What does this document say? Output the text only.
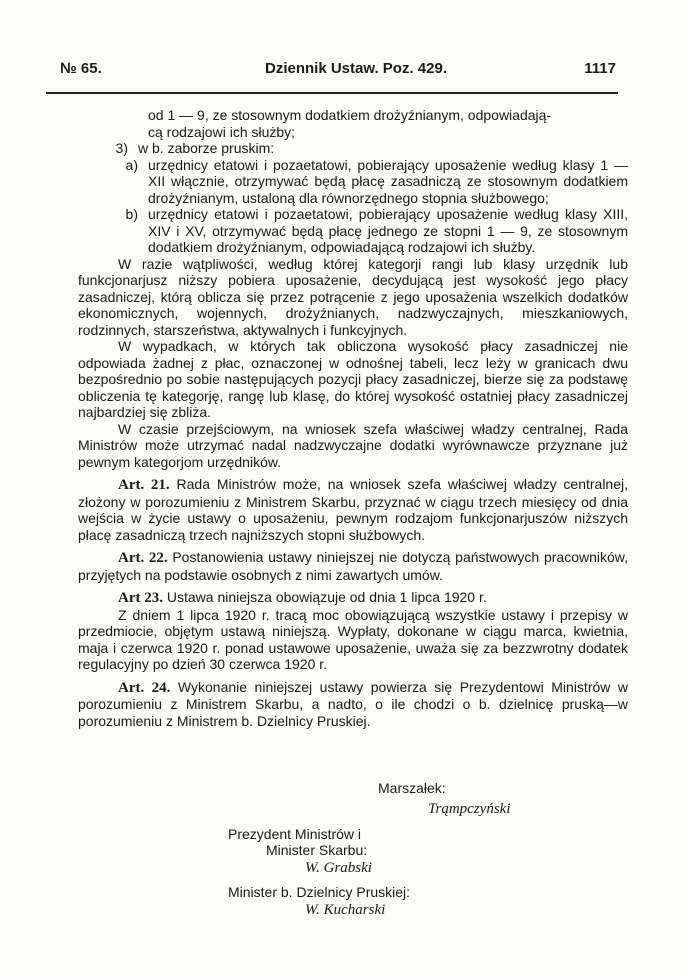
№ 65.	Dziennik Ustaw. Poz. 429.	1117

od 1 — 9, ze stosownym dodatkiem drożyźnianym, odpowiadają-

cą rodzajowi ich służby;

3) w b. zaborze pruskim:
a) urzędnicy etatowi i pozaetatowi, pobierający uposażenie według klasy 1 — XII włącznie, otrzymywać będą płacę zasadniczą ze stosownym dodatkiem drożyźnianym, ustaloną dla równorzędnego stopnia służbowego;
b) urzędnicy etatowi i pozaetatowi, pobierający uposażenie według klasy XIII, XIV i XV, otrzymywać będą płacę jednego ze stopni 1 — 9, ze stosownym dodatkiem drożyźnianym, odpowiadającą rodzajowi ich służby.

W razie wątpliwości, według której kategorji rangi lub klasy urzędnik lub funkcjonarjusz niższy pobiera uposażenie, decydującą jest wysokość jego płacy zasadniczej, którą oblicza się przez potrącenie z jego uposażenia wszelkich dodatków ekonomicznych, wojennych, drożyźnianych, nadzwyczajnych, mieszkaniowych, rodzinnych, starszeństwa, aktywalnych i funkcyjnych.

W wypadkach, w których tak obliczona wysokość płacy zasadniczej nie odpowiada żadnej z płac, oznaczonej w odnośnej tabeli, lecz leży w granicach dwu bezpośrednio po sobie następujących pozycji płacy zasadniczej, bierze się za podstawę obliczenia tę kategorję, rangę lub klasę, do której wysokość ostatniej płacy zasadniczej najbardziej się zbliża.

W czasie przejściowym, na wniosek szefa właściwej władzy centralnej, Rada Ministrów może utrzymać nadal nadzwyczajne dodatki wyrównawcze przyznane już pewnym kategorjom urzędników.

Art. 21. Rada Ministrów może, na wniosek szefa właściwej władzy centralnej, złożony w porozumieniu z Ministrem Skarbu, przyznać w ciągu trzech miesięcy od dnia wejścia w życie ustawy o uposażeniu, pewnym rodzajom funkcjonarjuszów niższych płacę zasadniczą trzech najniższych stopni służbowych.

Art. 22. Postanowienia ustawy niniejszej nie dotyczą państwowych pracowników, przyjętych na podstawie osobnych z nimi zawartych umów.

Art 23. Ustawa niniejsza obowiązuje od dnia 1 lipca 1920 r.

Z dniem 1 lipca 1920 r. tracą moc obowiązującą wszystkie ustawy i przepisy w przedmiocie, objętym ustawą niniejszą. Wypłaty, dokonane w ciągu marca, kwietnia, maja i czerwca 1920 r. ponad ustawowe uposażenie, uważa się za bezzwrotny dodatek regulacyjny po dzień 30 czerwca 1920 r.

Art. 24. Wykonanie niniejszej ustawy powierza się Prezydentowi Ministrów w porozumieniu z Ministrem Skarbu, a nadto, o ile chodzi o b. dzielnicę pruską—w porozumieniu z Ministrem b. Dzielnicy Pruskiej.

Marszałek:
Trąmpczyński
Prezydent Ministrów i
Minister Skarbu:
W. Grabski
Minister b. Dzielnicy Pruskiej:
W. Kucharski
